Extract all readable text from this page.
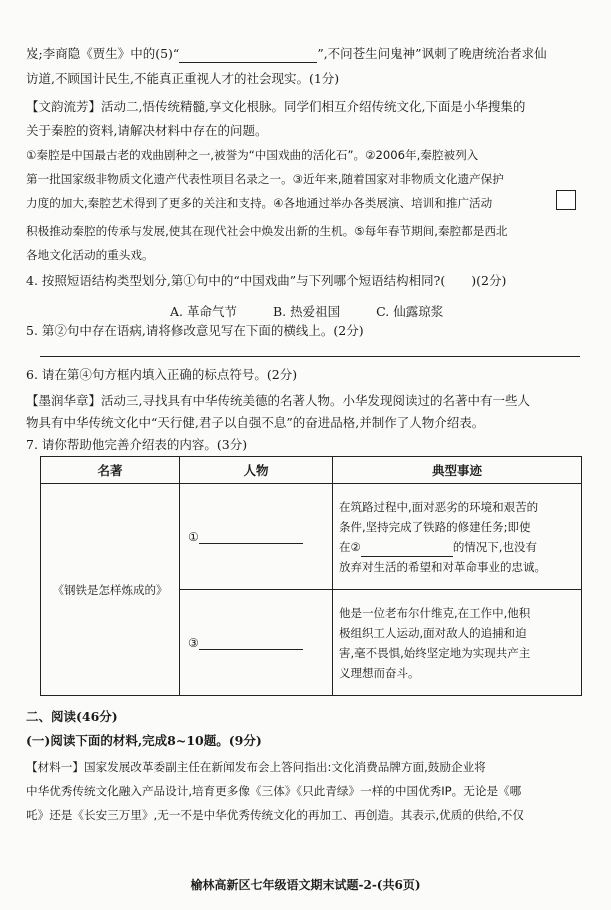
岌;李商隐《贾生》中的(5)“	”,不问苍生问鬼神”讽刺了晚唐统治者求仙
访道,不顾国计民生,不能真正重视人才的社会现实。(1分)
【文韵流芳】活动二,悟传统精髓,享文化根脉。同学们相互介绍传统文化,下面是小华搜集的
关于秦腔的资料,请解决材料中存在的问题。
①秦腔是中国最古老的戏曲剧种之一,被誉为“中国戏曲的活化石”。②2006年,秦腔被列入
第一批国家级非物质文化遗产代表性项目名录之一。③近年来,随着国家对非物质文化遗产保护
力度的加大,秦腔艺术得到了更多的关注和支持。④各地通过举办各类展演、培训和推广活动
积极推动秦腔的传承与发展,使其在现代社会中焕发出新的生机。⑤每年春节期间,秦腔都是西北
各地文化活动的重头戏。
4. 按照短语结构类型划分,第①句中的“中国戏曲”与下列哪个短语结构相同?( )(2分)
A. 革命气节	B. 热爱祖国	C. 仙露琼浆
5. 第②句中存在语病,请将修改意见写在下面的横线上。(2分)
6. 请在第④句方框内填入正确的标点符号。(2分)
【墨润华章】活动三,寻找具有中华传统美德的名著人物。小华发现阅读过的名著中有一些人
物具有中华传统文化中“天行健,君子以自强不息”的奋进品格,并制作了人物介绍表。
7. 请你帮助他完善介绍表的内容。(3分)
名著	人物	典型事迹
《钢铁是怎样炼成的》	①	在筑路过程中,面对恶劣的环境和艰苦的
条件,坚持完成了铁路的修建任务;即使
在② 的情况下,也没有
放弃对生活的希望和对革命事业的忠诚。

	③	他是一位老布尔什维克,在工作中,他积
极组织工人运动,面对敌人的追捕和迫
害,毫不畏惧,始终坚定地为实现共产主
义理想而奋斗。
二、阅读(46分)
(一)阅读下面的材料,完成8~10题。(9分)
【材料一】国家发展改革委副主任在新闻发布会上答问指出:文化消费品牌方面,鼓励企业将
中华优秀传统文化融入产品设计,培育更多像《三体》《只此青绿》一样的中国优秀IP。无论是《哪
吒》还是《长安三万里》,无一不是中华优秀传统文化的再加工、再创造。其表示,优质的供给,不仅
榆林高新区七年级语文期末试题-2-(共6页)
